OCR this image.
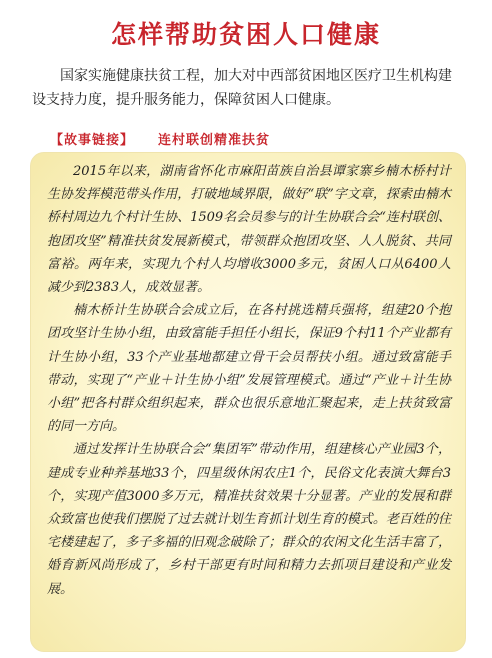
怎样帮助贫困人口健康

国家实施健康扶贫工程，加大对中西部贫困地区医疗卫生机构建设支持力度，提升服务能力，保障贫困人口健康。

【故事链接】 连村联创精准扶贫

2015年以来，湖南省怀化市麻阳苗族自治县谭家寨乡楠木桥村计生协发挥模范带头作用，打破地域界限，做好“联”字文章，探索由楠木桥村周边九个村计生协、1509名会员参与的计生协联合会“连村联创、抱团攻坚”精准扶贫发展新模式，带领群众抱团攻坚、人人脱贫、共同富裕。两年来，实现九个村人均增收3000多元，贫困人口从6400人减少到2383人，成效显著。

楠木桥计生协联合会成立后，在各村挑选精兵强将，组建20个抱团攻坚计生协小组，由致富能手担任小组长，保证9个村11个产业都有计生协小组，33个产业基地都建立骨干会员帮扶小组。通过致富能手带动，实现了“产业＋计生协小组”发展管理模式。通过“产业＋计生协小组”把各村群众组织起来，群众也很乐意地汇聚起来，走上扶贫致富的同一方向。

通过发挥计生协联合会“集团军”带动作用，组建核心产业园3个，建成专业种养基地33个，四星级休闲农庄1个，民俗文化表演大舞台3个，实现产值3000多万元，精准扶贫效果十分显著。产业的发展和群众致富也使我们摆脱了过去就计划生育抓计划生育的模式。老百姓的住宅楼建起了，多子多福的旧观念破除了；群众的农闲文化生活丰富了，婚育新风尚形成了，乡村干部更有时间和精力去抓项目建设和产业发展。
